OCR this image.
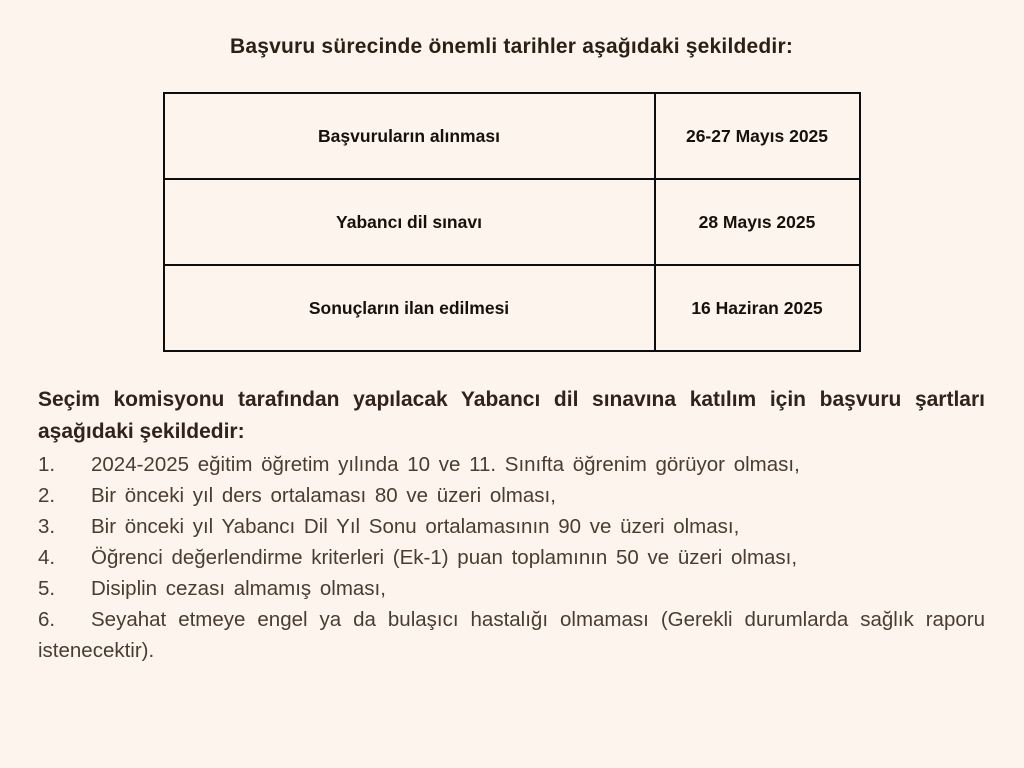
Başvuru sürecinde önemli tarihler aşağıdaki şekildedir:
Başvuruların alınması	26-27 Mayıs 2025
Yabancı dil sınavı	28 Mayıs 2025
Sonuçların ilan edilmesi	16 Haziran 2025

Seçim komisyonu tarafından yapılacak Yabancı dil sınavına katılım için başvuru şartları aşağıdaki şekildedir:

1. 2024-2025 eğitim öğretim yılında 10 ve 11. Sınıfta öğrenim görüyor olması,

2. Bir önceki yıl ders ortalaması 80 ve üzeri olması,

3. Bir önceki yıl Yabancı Dil Yıl Sonu ortalamasının 90 ve üzeri olması,

4. Öğrenci değerlendirme kriterleri (Ek-1) puan toplamının 50 ve üzeri olması,

5. Disiplin cezası almamış olması,

6. Seyahat etmeye engel ya da bulaşıcı hastalığı olmaması (Gerekli durumlarda sağlık raporu istenecektir).
